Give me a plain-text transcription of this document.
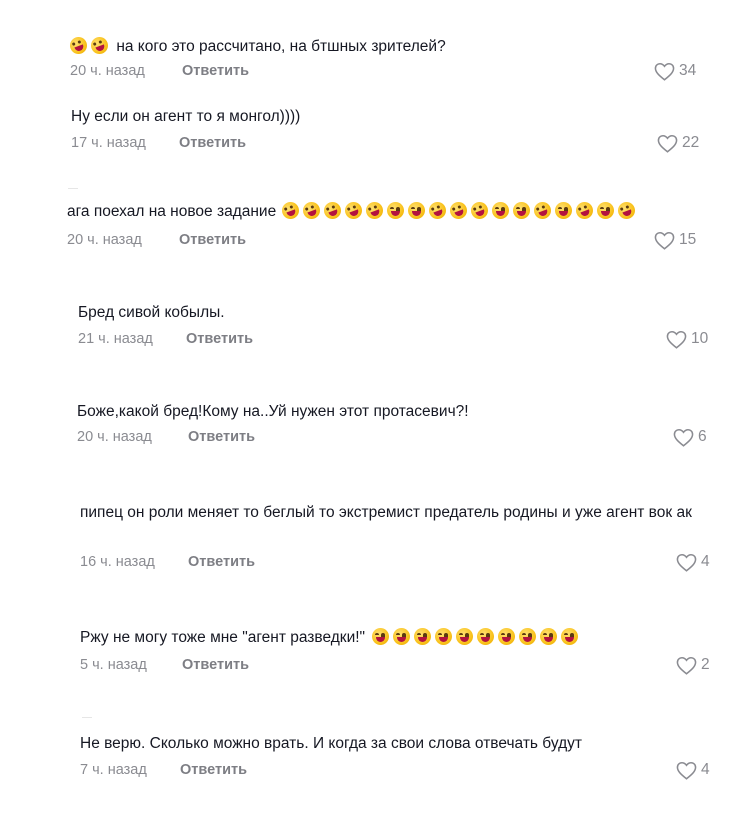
на кого это рассчитано, на бтшных зрителей?
20 ч. назад	Ответить	34
Ну если он агент то я монгол))))
17 ч. назад	Ответить	22
ага поехал на новое задание
20 ч. назад	Ответить	15
Бред сивой кобылы.
21 ч. назад	Ответить	10
Боже,какой бред!Кому на..Уй нужен этот протасевич?!
20 ч. назад	Ответить	6
пипец он роли меняет то беглый то экстремист предатель родины и уже агент вок ак
16 ч. назад	Ответить	4
Ржу не могу тоже мне "агент разведки!"
5 ч. назад	Ответить	2
Не верю. Сколько можно врать. И когда за свои слова отвечать будут
7 ч. назад	Ответить	4
